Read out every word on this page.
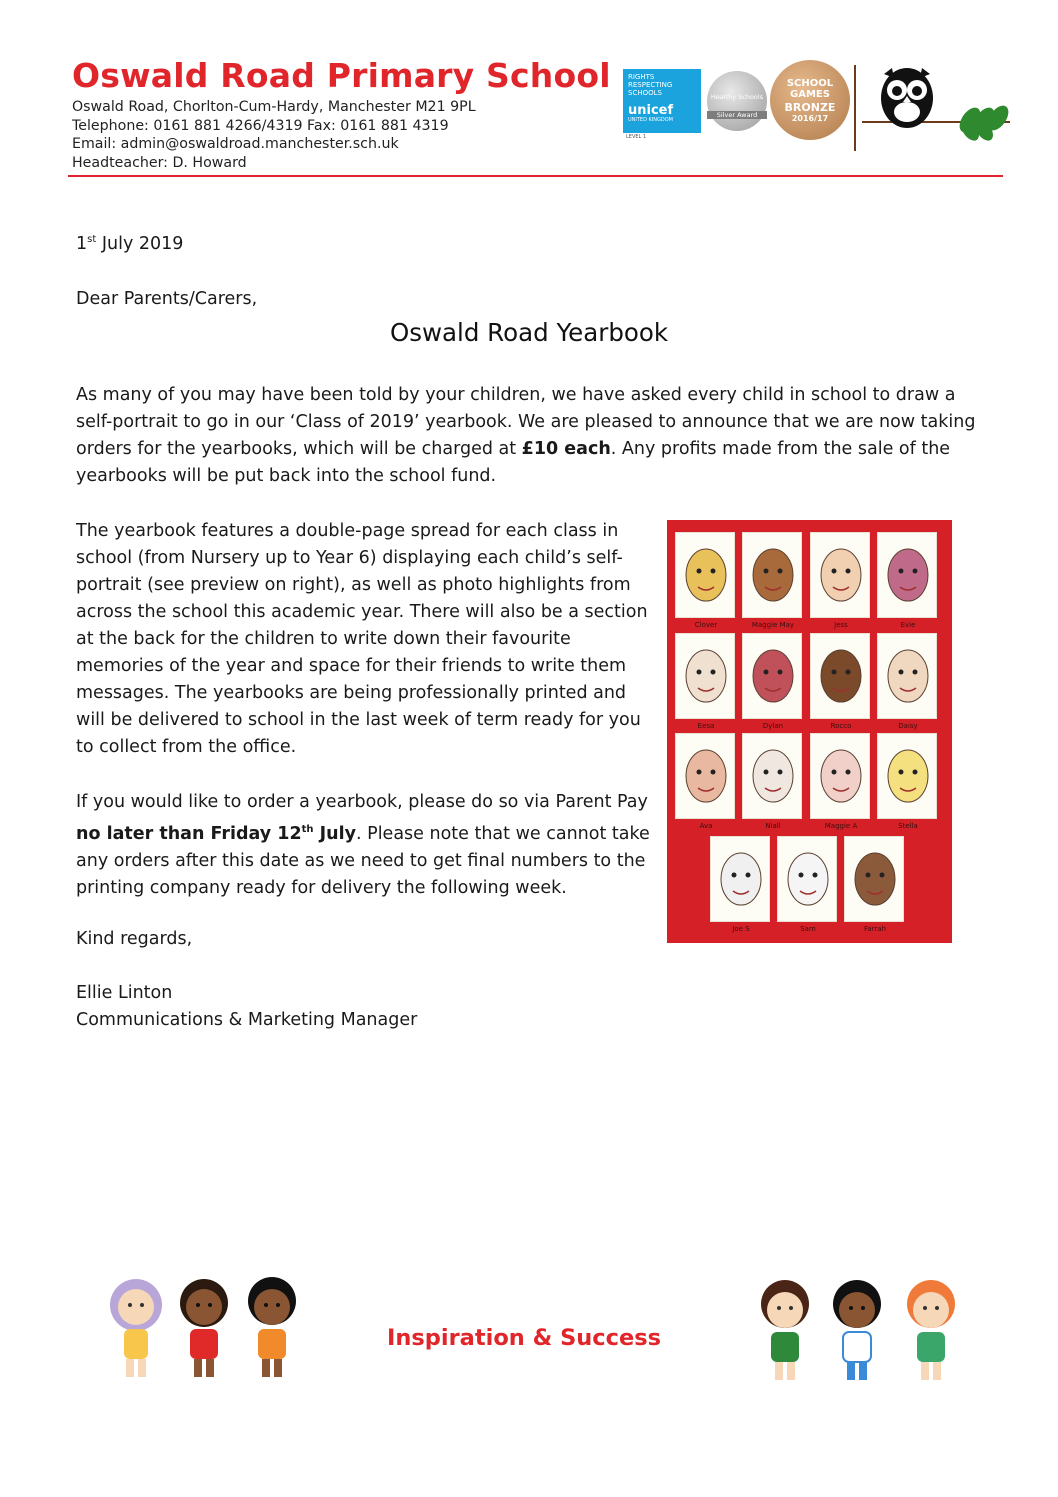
Oswald Road Primary School
Oswald Road, Chorlton-Cum-Hardy, Manchester M21 9PL
Telephone: 0161 881 4266/4319 Fax: 0161 881 4319
Email: admin@oswaldroad.manchester.sch.uk
Headteacher: D. Howard
RIGHTS RESPECTING SCHOOLS
unicef
UNITED KINGDOM
LEVEL 1
Healthy Schools
Silver Award
SCHOOL
GAMES
BRONZE
2016/17
1st July 2019
Dear Parents/Carers,
Oswald Road Yearbook

As many of you may have been told by your children, we have asked every child in school to draw a self-portrait to go in our ‘Class of 2019’ yearbook. We are pleased to announce that we are now taking orders for the yearbooks, which will be charged at £10 each. Any profits made from the sale of the yearbooks will be put back into the school fund.

The yearbook features a double-page spread for each class in school (from Nursery up to Year 6) displaying each child’s self-portrait (see preview on right), as well as photo highlights from across the school this academic year. There will also be a section at the back for the children to write down their favourite memories of the year and space for their friends to write them messages. The yearbooks are being professionally printed and will be delivered to school in the last week of term ready for you to collect from the office.

If you would like to order a yearbook, please do so via Parent Pay no later than Friday 12th July. Please note that we cannot take any orders after this date as we need to get final numbers to the printing company ready for delivery the following week.

Kind regards,

Ellie Linton
Communications & Marketing Manager

Clover	Maggie May	Jess	Evie
Eesa	Dylan	Rocco	Daisy
Ava	Niall	Maggie A	Stella
Joe S	Sam	Farrah

Inspiration & Success
